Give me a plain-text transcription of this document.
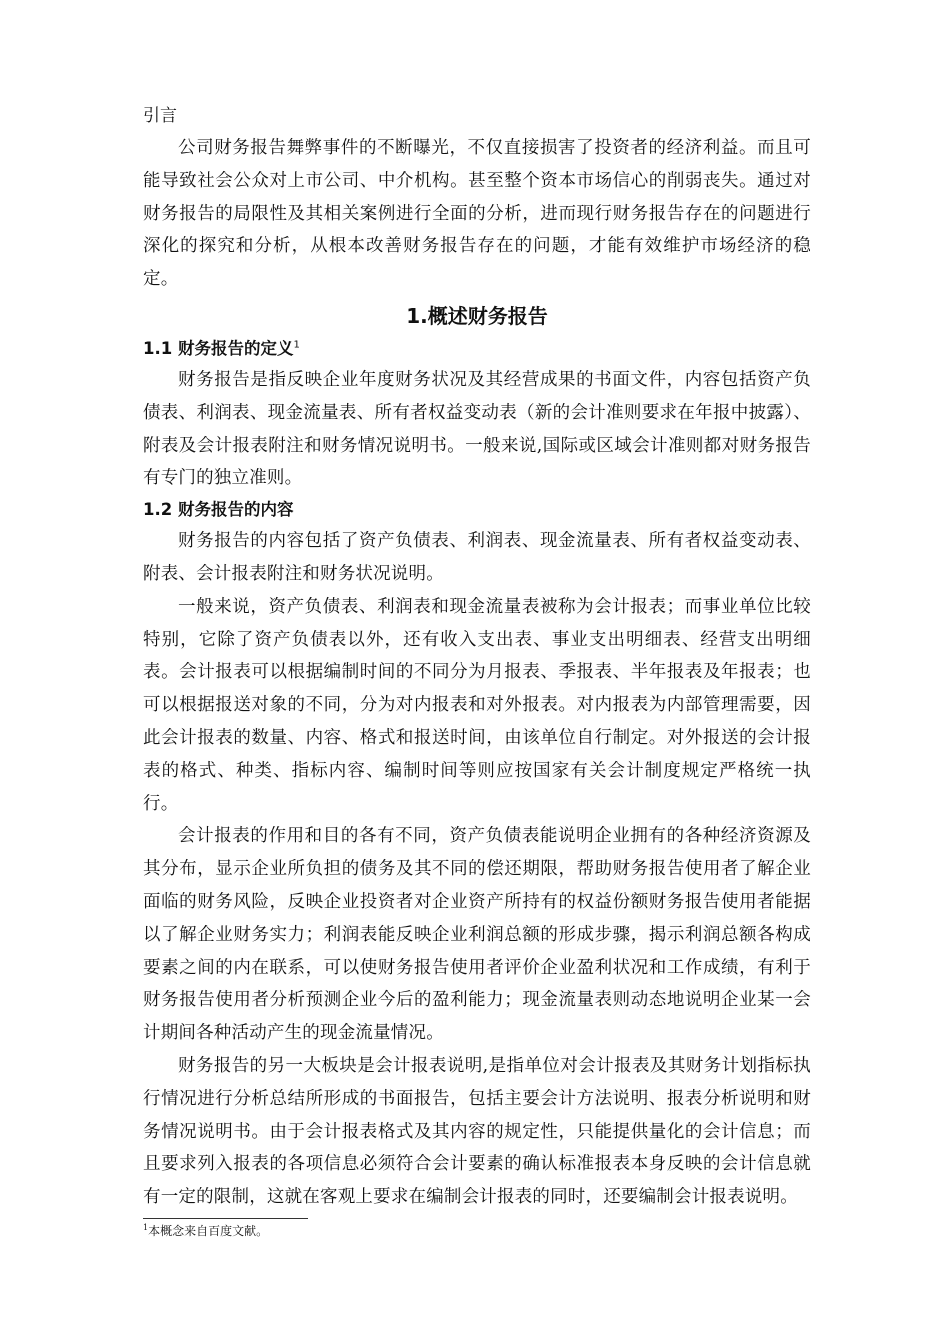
引言

公司财务报告舞弊事件的不断曝光，不仅直接损害了投资者的经济利益。而且可能导致社会公众对上市公司、中介机构。甚至整个资本市场信心的削弱丧失。通过对财务报告的局限性及其相关案例进行全面的分析，进而现行财务报告存在的问题进行深化的探究和分析，从根本改善财务报告存在的问题，才能有效维护市场经济的稳定。

1.概述财务报告
1.1 财务报告的定义$^1$

财务报告是指反映企业年度财务状况及其经营成果的书面文件，内容包括资产负债表、利润表、现金流量表、所有者权益变动表（新的会计准则要求在年报中披露）、附表及会计报表附注和财务情况说明书。一般来说,国际或区域会计准则都对财务报告有专门的独立准则。

1.2 财务报告的内容

财务报告的内容包括了资产负债表、利润表、现金流量表、所有者权益变动表、附表、会计报表附注和财务状况说明。

一般来说，资产负债表、利润表和现金流量表被称为会计报表；而事业单位比较特别，它除了资产负债表以外，还有收入支出表、事业支出明细表、经营支出明细表。会计报表可以根据编制时间的不同分为月报表、季报表、半年报表及年报表；也可以根据报送对象的不同，分为对内报表和对外报表。对内报表为内部管理需要，因此会计报表的数量、内容、格式和报送时间，由该单位自行制定。对外报送的会计报表的格式、种类、指标内容、编制时间等则应按国家有关会计制度规定严格统一执行。

会计报表的作用和目的各有不同，资产负债表能说明企业拥有的各种经济资源及其分布，显示企业所负担的债务及其不同的偿还期限，帮助财务报告使用者了解企业面临的财务风险，反映企业投资者对企业资产所持有的权益份额财务报告使用者能据以了解企业财务实力；利润表能反映企业利润总额的形成步骤，揭示利润总额各构成要素之间的内在联系，可以使财务报告使用者评价企业盈利状况和工作成绩，有利于财务报告使用者分析预测企业今后的盈利能力；现金流量表则动态地说明企业某一会计期间各种活动产生的现金流量情况。

财务报告的另一大板块是会计报表说明,是指单位对会计报表及其财务计划指标执行情况进行分析总结所形成的书面报告，包括主要会计方法说明、报表分析说明和财务情况说明书。由于会计报表格式及其内容的规定性，只能提供量化的会计信息；而且要求列入报表的各项信息必须符合会计要素的确认标准报表本身反映的会计信息就有一定的限制，这就在客观上要求在编制会计报表的同时，还要编制会计报表说明。

$^1$本概念来自百度文献。
